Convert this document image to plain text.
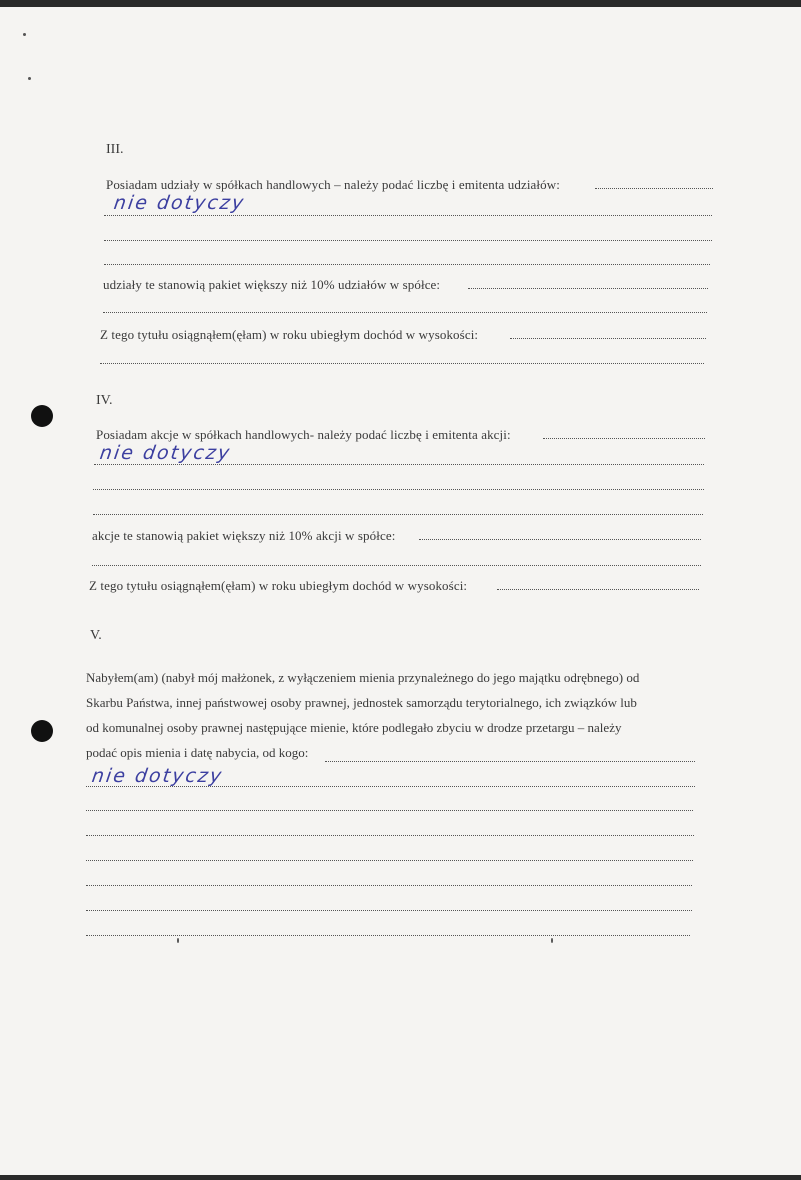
III.
Posiadam udziały w spółkach handlowych – należy podać liczbę i emitenta udziałów:
nie dotyczy
udziały te stanowią pakiet większy niż 10% udziałów w spółce:
Z tego tytułu osiągnąłem(ęłam) w roku ubiegłym dochód w wysokości:
IV.
Posiadam akcje w spółkach handlowych- należy podać liczbę i emitenta akcji:
nie dotyczy
akcje te stanowią pakiet większy niż 10% akcji w spółce:
Z tego tytułu osiągnąłem(ęłam) w roku ubiegłym dochód w wysokości:
V.
Nabyłem(am) (nabył mój małżonek, z wyłączeniem mienia przynależnego do jego majątku odrębnego) od
Skarbu Państwa, innej państwowej osoby prawnej, jednostek samorządu terytorialnego, ich związków lub
od komunalnej osoby prawnej następujące mienie, które podlegało zbyciu w drodze przetargu – należy
podać opis mienia i datę nabycia, od kogo:
nie dotyczy
